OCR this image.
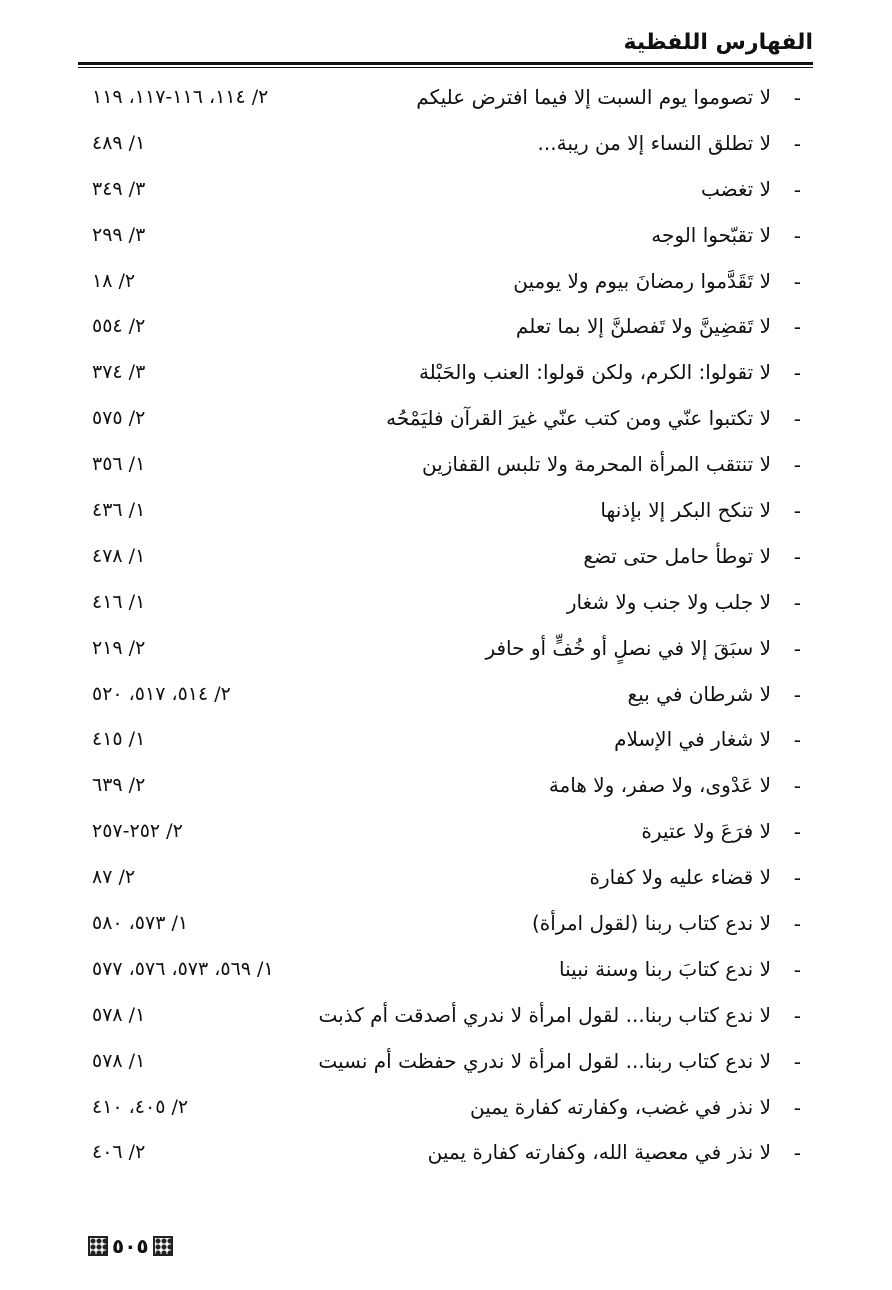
الفهارس اللفظية
-
لا تصوموا يوم السبت إلا فيما افترض عليكم
٢/ ١١٤، ١١٦-١١٧، ١١٩
-
لا تطلق النساء إلا من ريبة...
١/ ٤٨٩
-
لا تغضب
٣/ ٣٤٩
-
لا تقبّحوا الوجه
٣/ ٢٩٩
-
لا تَقَدَّموا رمضانَ بيوم ولا يومين
٢/ ١٨
-
لا تَقضِينَّ ولا تَفصلنَّ إلا بما تعلم
٢/ ٥٥٤
-
لا تقولوا: الكرم، ولكن قولوا: العنب والحَبْلة
٣/ ٣٧٤
-
لا تكتبوا عنّي ومن كتب عنّي غيرَ القرآن فليَمْحُه
٢/ ٥٧٥
-
لا تنتقب المرأة المحرمة ولا تلبس القفازين
١/ ٣٥٦
-
لا تنكح البكر إلا بإذنها
١/ ٤٣٦
-
لا توطأ حامل حتى تضع
١/ ٤٧٨
-
لا جلب ولا جنب ولا شغار
١/ ٤١٦
-
لا سبَقَ إلا في نصلٍ أو خُفٍّ أو حافر
٢/ ٢١٩
-
لا شرطان في بيع
٢/ ٥١٤، ٥١٧، ٥٢٠
-
لا شغار في الإسلام
١/ ٤١٥
-
لا عَدْوى، ولا صفر، ولا هامة
٢/ ٦٣٩
-
لا فرَعَ ولا عتيرة
٢/ ٢٥٢-٢٥٧
-
لا قضاء عليه ولا كفارة
٢/ ٨٧
-
لا ندع كتاب ربنا (لقول امرأة)
١/ ٥٧٣، ٥٨٠
-
لا ندع كتابَ ربنا وسنة نبينا
١/ ٥٦٩، ٥٧٣، ٥٧٦، ٥٧٧
-
لا ندع كتاب ربنا... لقول امرأة لا ندري أصدقت أم كذبت
١/ ٥٧٨
-
لا ندع كتاب ربنا... لقول امرأة لا ندري حفظت أم نسيت
١/ ٥٧٨
-
لا نذر في غضب، وكفارته كفارة يمين
٢/ ٤٠٥، ٤١٠
-
لا نذر في معصية الله، وكفارته كفارة يمين
٢/ ٤٠٦
٥٠٥
